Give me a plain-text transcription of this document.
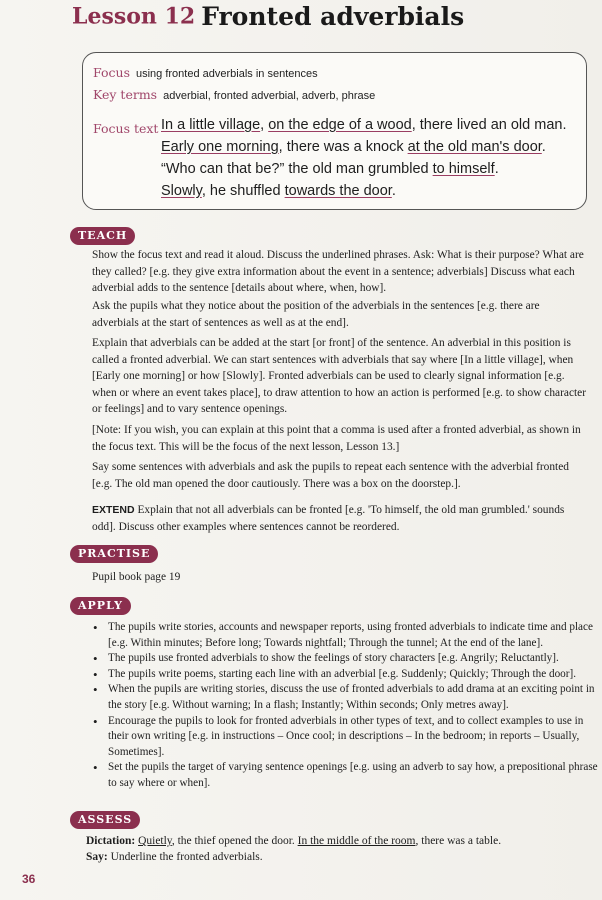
Lesson 12 Fronted adverbials
Focus using fronted adverbials in sentences
Key terms adverbial, fronted adverbial, adverb, phrase
Focus text In a little village, on the edge of a wood, there lived an old man.
Early one morning, there was a knock at the old man's door.
“Who can that be?” the old man grumbled to himself.
Slowly, he shuffled towards the door.
TEACH
Show the focus text and read it aloud. Discuss the underlined phrases. Ask: What is their purpose? What are they called? [e.g. they give extra information about the event in a sentence; adverbials] Discuss what each adverbial adds to the sentence [details about where, when, how].
Ask the pupils what they notice about the position of the adverbials in the sentences [e.g. there are adverbials at the start of sentences as well as at the end].
Explain that adverbials can be added at the start [or front] of the sentence. An adverbial in this position is called a fronted adverbial. We can start sentences with adverbials that say where [In a little village], when [Early one morning] or how [Slowly]. Fronted adverbials can be used to clearly signal information [e.g. when or where an event takes place], to draw attention to how an action is performed [e.g. to show character or feelings] and to vary sentence openings.
[Note: If you wish, you can explain at this point that a comma is used after a fronted adverbial, as shown in the focus text. This will be the focus of the next lesson, Lesson 13.]
Say some sentences with adverbials and ask the pupils to repeat each sentence with the adverbial fronted [e.g. The old man opened the door cautiously. There was a box on the doorstep.].
EXTEND Explain that not all adverbials can be fronted [e.g. 'To himself, the old man grumbled.' sounds odd]. Discuss other examples where sentences cannot be reordered.
PRACTISE
Pupil book page 19
APPLY
• The pupils write stories, accounts and newspaper reports, using fronted adverbials to indicate time and place [e.g. Within minutes; Before long; Towards nightfall; Through the tunnel; At the end of the lane].
• The pupils use fronted adverbials to show the feelings of story characters [e.g. Angrily; Reluctantly].
• The pupils write poems, starting each line with an adverbial [e.g. Suddenly; Quickly; Through the door].
• When the pupils are writing stories, discuss the use of fronted adverbials to add drama at an exciting point in the story [e.g. Without warning; In a flash; Instantly; Within seconds; Only metres away].
• Encourage the pupils to look for fronted adverbials in other types of text, and to collect examples to use in their own writing [e.g. in instructions – Once cool; in descriptions – In the bedroom; in reports – Usually, Sometimes].
• Set the pupils the target of varying sentence openings [e.g. using an adverb to say how, a prepositional phrase to say where or when].
ASSESS
Dictation: Quietly, the thief opened the door. In the middle of the room, there was a table.
Say: Underline the fronted adverbials.
36
